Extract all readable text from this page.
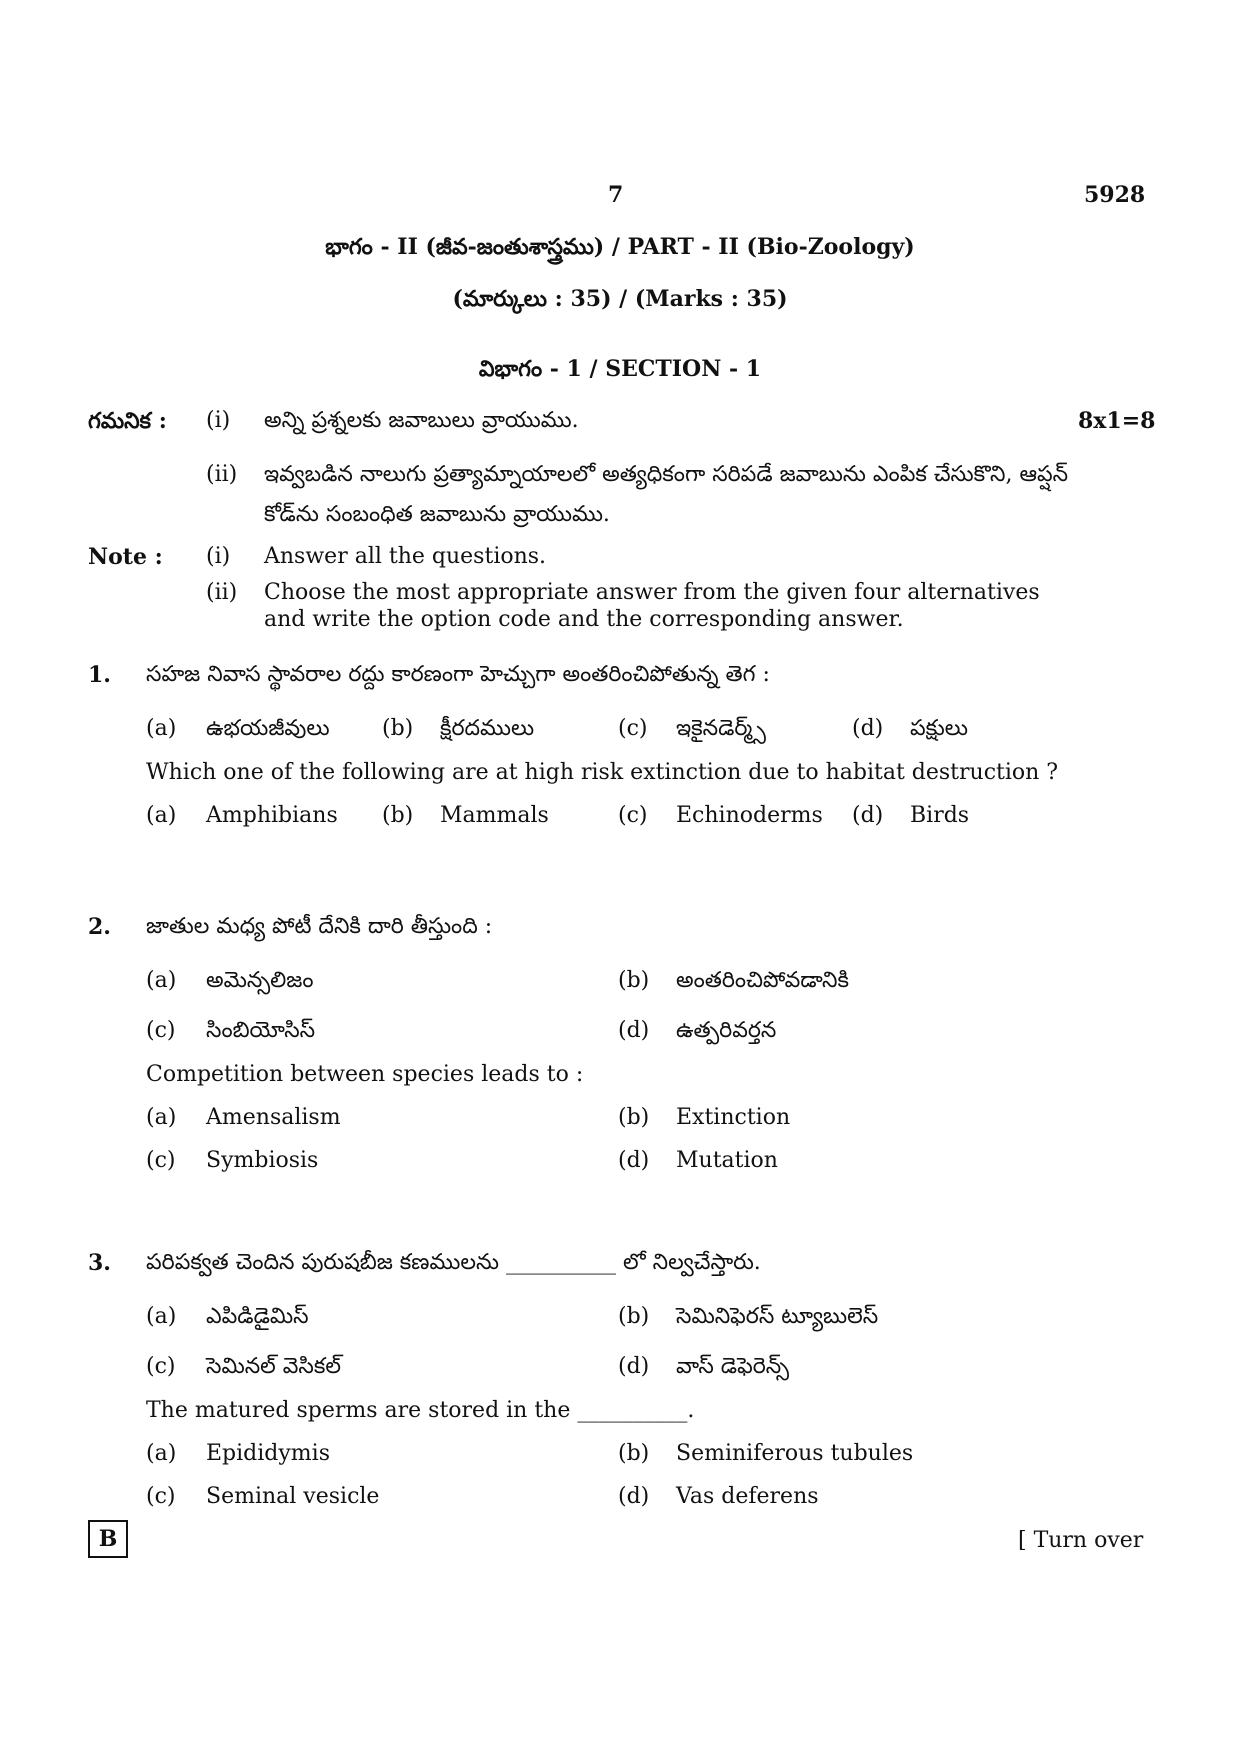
7	5928
భాగం - II (జీవ-జంతుశాస్త్రము) / PART - II (Bio-Zoology)
(మార్కులు : 35) / (Marks : 35)
విభాగం - 1 / SECTION - 1
గమనిక : (i) అన్ని ప్రశ్నలకు జవాబులు వ్రాయుము.	8x1=8
(ii) ఇవ్వబడిన నాలుగు ప్రత్యామ్నాయాలలో అత్యధికంగా సరిపడే జవాబును ఎంపిక చేసుకొని, ఆప్షన్
కోడ్‌ను సంబంధిత జవాబును వ్రాయుము.
Note : (i) Answer all the questions.
(ii) Choose the most appropriate answer from the given four alternatives
and write the option code and the corresponding answer.
1. సహజ నివాస స్థావరాల రద్దు కారణంగా హెచ్చుగా అంతరించిపోతున్న తెగ :
(a) ఉభయజీవులు (b) క్షీరదములు	(c) ఇకైనడెర్మ్స్	(d) పక్షులు
Which one of the following are at high risk extinction due to habitat destruction ?
(a) Amphibians (b) Mammals	(c) Echinoderms (d) Birds
2. జాతుల మధ్య పోటీ దేనికి దారి తీస్తుంది :
(a) అమెన్సలిజం	(b) అంతరించిపోవడానికి
(c) సింబియోసిస్	(d) ఉత్పరివర్తన
Competition between species leads to :
(a) Amensalism	(b) Extinction
(c) Symbiosis	(d) Mutation
3. పరిపక్వత చెందిన పురుషబీజ కణములను __________ లో నిల్వచేస్తారు.
(a) ఎపిడిడైమిస్	(b) సెమినిఫెరస్ ట్యూబులెస్
(c) సెమినల్ వెసికల్	(d) వాస్ డెఫెరెన్స్
The matured sperms are stored in the __________.
(a) Epididymis	(b) Seminiferous tubules
(c) Seminal vesicle	(d) Vas deferens
B	[ Turn over
